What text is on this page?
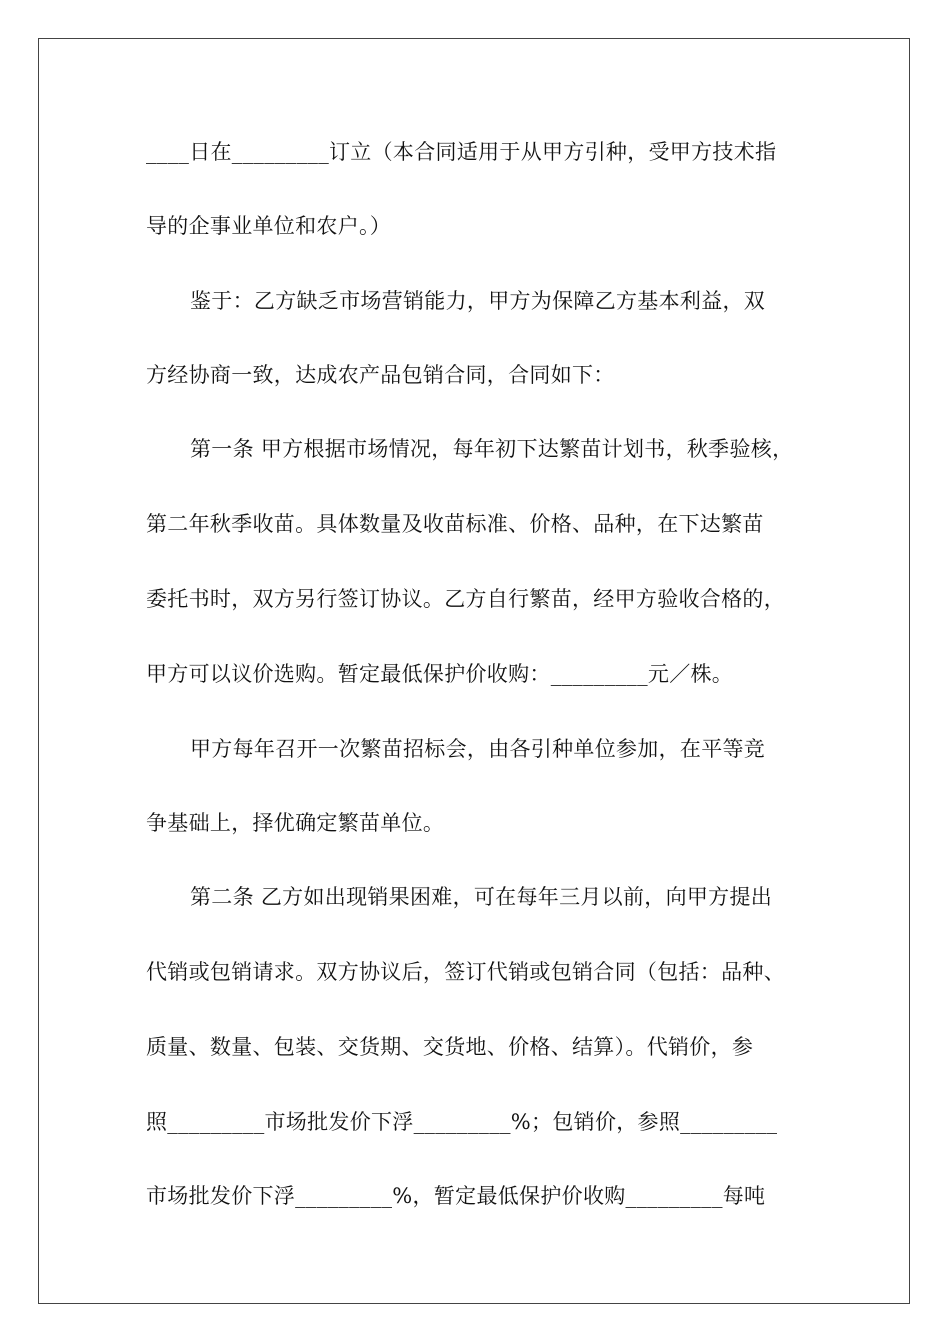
____日在_________订立（本合同适用于从甲方引种，受甲方技术指
导的企事业单位和农户。）
鉴于：乙方缺乏市场营销能力，甲方为保障乙方基本利益，双
方经协商一致，达成农产品包销合同，合同如下：
第一条 甲方根据市场情况，每年初下达繁苗计划书，秋季验核，
第二年秋季收苗。具体数量及收苗标准、价格、品种，在下达繁苗
委托书时，双方另行签订协议。乙方自行繁苗，经甲方验收合格的，
甲方可以议价选购。暂定最低保护价收购：_________元／株。
甲方每年召开一次繁苗招标会，由各引种单位参加，在平等竞
争基础上，择优确定繁苗单位。
第二条 乙方如出现销果困难，可在每年三月以前，向甲方提出
代销或包销请求。双方协议后，签订代销或包销合同（包括：品种、
质量、数量、包装、交货期、交货地、价格、结算）。代销价，参
照_________市场批发价下浮_________%；包销价，参照_________
市场批发价下浮_________%，暂定最低保护价收购_________每吨
